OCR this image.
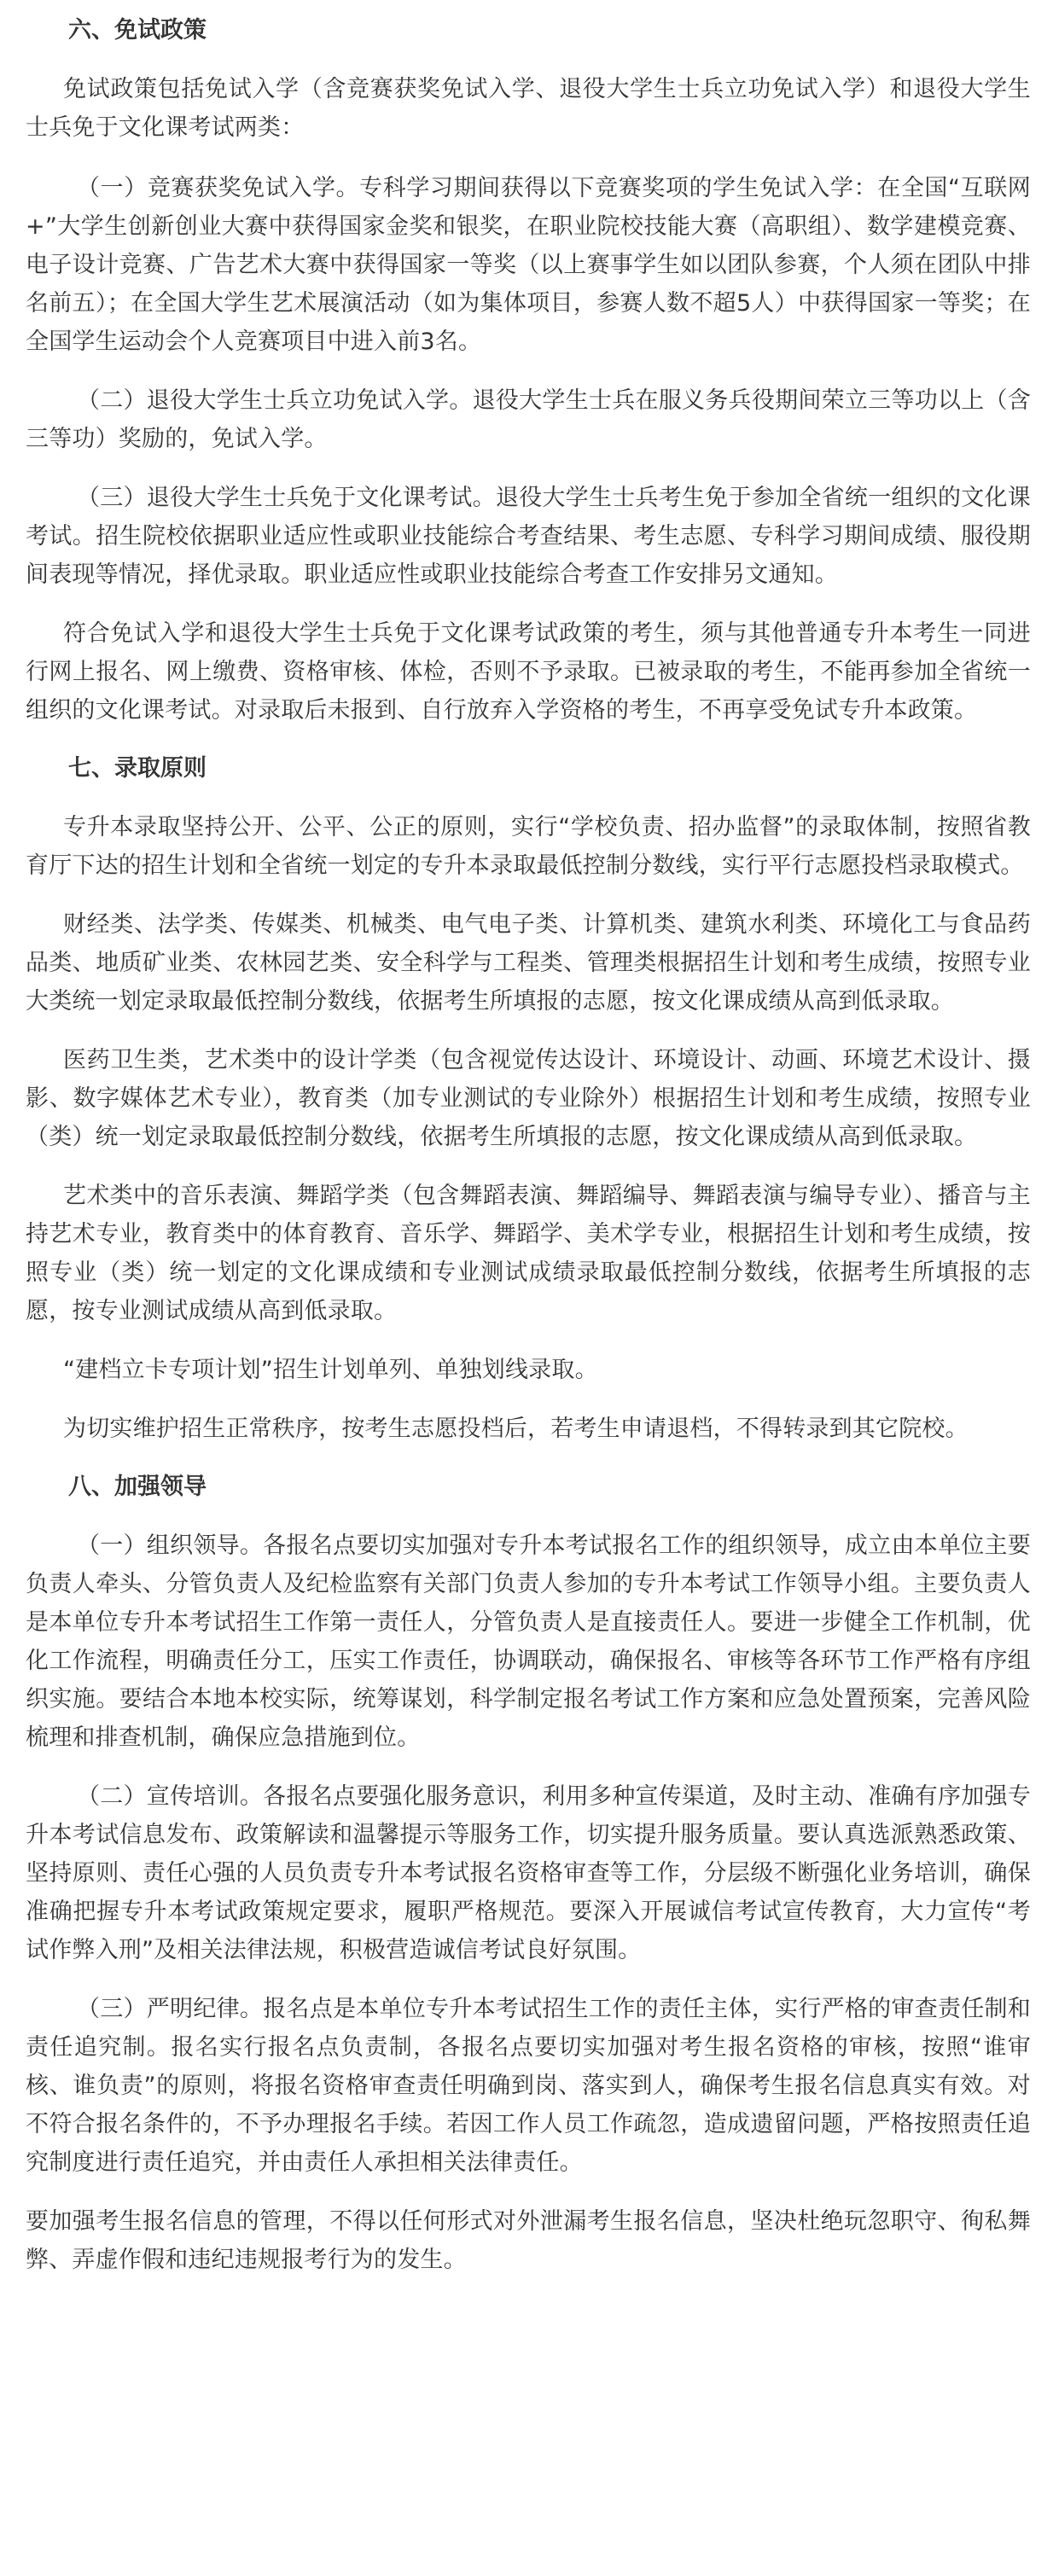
六、免试政策

免试政策包括免试入学（含竞赛获奖免试入学、退役大学生士兵立功免试入学）和退役大学生士兵免于文化课考试两类：

（一）竞赛获奖免试入学。专科学习期间获得以下竞赛奖项的学生免试入学：在全国“互联网+”大学生创新创业大赛中获得国家金奖和银奖，在职业院校技能大赛（高职组）、数学建模竞赛、电子设计竞赛、广告艺术大赛中获得国家一等奖（以上赛事学生如以团队参赛，个人须在团队中排名前五）；在全国大学生艺术展演活动（如为集体项目，参赛人数不超5人）中获得国家一等奖；在全国学生运动会个人竞赛项目中进入前3名。

（二）退役大学生士兵立功免试入学。退役大学生士兵在服义务兵役期间荣立三等功以上（含三等功）奖励的，免试入学。

（三）退役大学生士兵免于文化课考试。退役大学生士兵考生免于参加全省统一组织的文化课考试。招生院校依据职业适应性或职业技能综合考查结果、考生志愿、专科学习期间成绩、服役期间表现等情况，择优录取。职业适应性或职业技能综合考查工作安排另文通知。

符合免试入学和退役大学生士兵免于文化课考试政策的考生，须与其他普通专升本考生一同进行网上报名、网上缴费、资格审核、体检，否则不予录取。已被录取的考生，不能再参加全省统一组织的文化课考试。对录取后未报到、自行放弃入学资格的考生，不再享受免试专升本政策。

七、录取原则

专升本录取坚持公开、公平、公正的原则，实行“学校负责、招办监督”的录取体制，按照省教育厅下达的招生计划和全省统一划定的专升本录取最低控制分数线，实行平行志愿投档录取模式。

财经类、法学类、传媒类、机械类、电气电子类、计算机类、建筑水利类、环境化工与食品药品类、地质矿业类、农林园艺类、安全科学与工程类、管理类根据招生计划和考生成绩，按照专业大类统一划定录取最低控制分数线，依据考生所填报的志愿，按文化课成绩从高到低录取。

医药卫生类，艺术类中的设计学类（包含视觉传达设计、环境设计、动画、环境艺术设计、摄影、数字媒体艺术专业），教育类（加专业测试的专业除外）根据招生计划和考生成绩，按照专业（类）统一划定录取最低控制分数线，依据考生所填报的志愿，按文化课成绩从高到低录取。

艺术类中的音乐表演、舞蹈学类（包含舞蹈表演、舞蹈编导、舞蹈表演与编导专业）、播音与主持艺术专业，教育类中的体育教育、音乐学、舞蹈学、美术学专业，根据招生计划和考生成绩，按照专业（类）统一划定的文化课成绩和专业测试成绩录取最低控制分数线，依据考生所填报的志愿，按专业测试成绩从高到低录取。

“建档立卡专项计划”招生计划单列、单独划线录取。

为切实维护招生正常秩序，按考生志愿投档后，若考生申请退档，不得转录到其它院校。

八、加强领导

（一）组织领导。各报名点要切实加强对专升本考试报名工作的组织领导，成立由本单位主要负责人牵头、分管负责人及纪检监察有关部门负责人参加的专升本考试工作领导小组。主要负责人是本单位专升本考试招生工作第一责任人，分管负责人是直接责任人。要进一步健全工作机制，优化工作流程，明确责任分工，压实工作责任，协调联动，确保报名、审核等各环节工作严格有序组织实施。要结合本地本校实际，统筹谋划，科学制定报名考试工作方案和应急处置预案，完善风险梳理和排查机制，确保应急措施到位。

（二）宣传培训。各报名点要强化服务意识，利用多种宣传渠道，及时主动、准确有序加强专升本考试信息发布、政策解读和温馨提示等服务工作，切实提升服务质量。要认真选派熟悉政策、坚持原则、责任心强的人员负责专升本考试报名资格审查等工作，分层级不断强化业务培训，确保准确把握专升本考试政策规定要求，履职严格规范。要深入开展诚信考试宣传教育，大力宣传“考试作弊入刑”及相关法律法规，积极营造诚信考试良好氛围。

（三）严明纪律。报名点是本单位专升本考试招生工作的责任主体，实行严格的审查责任制和责任追究制。报名实行报名点负责制，各报名点要切实加强对考生报名资格的审核，按照“谁审核、谁负责”的原则，将报名资格审查责任明确到岗、落实到人，确保考生报名信息真实有效。对不符合报名条件的，不予办理报名手续。若因工作人员工作疏忽，造成遗留问题，严格按照责任追究制度进行责任追究，并由责任人承担相关法律责任。

要加强考生报名信息的管理，不得以任何形式对外泄漏考生报名信息，坚决杜绝玩忽职守、徇私舞弊、弄虚作假和违纪违规报考行为的发生。
